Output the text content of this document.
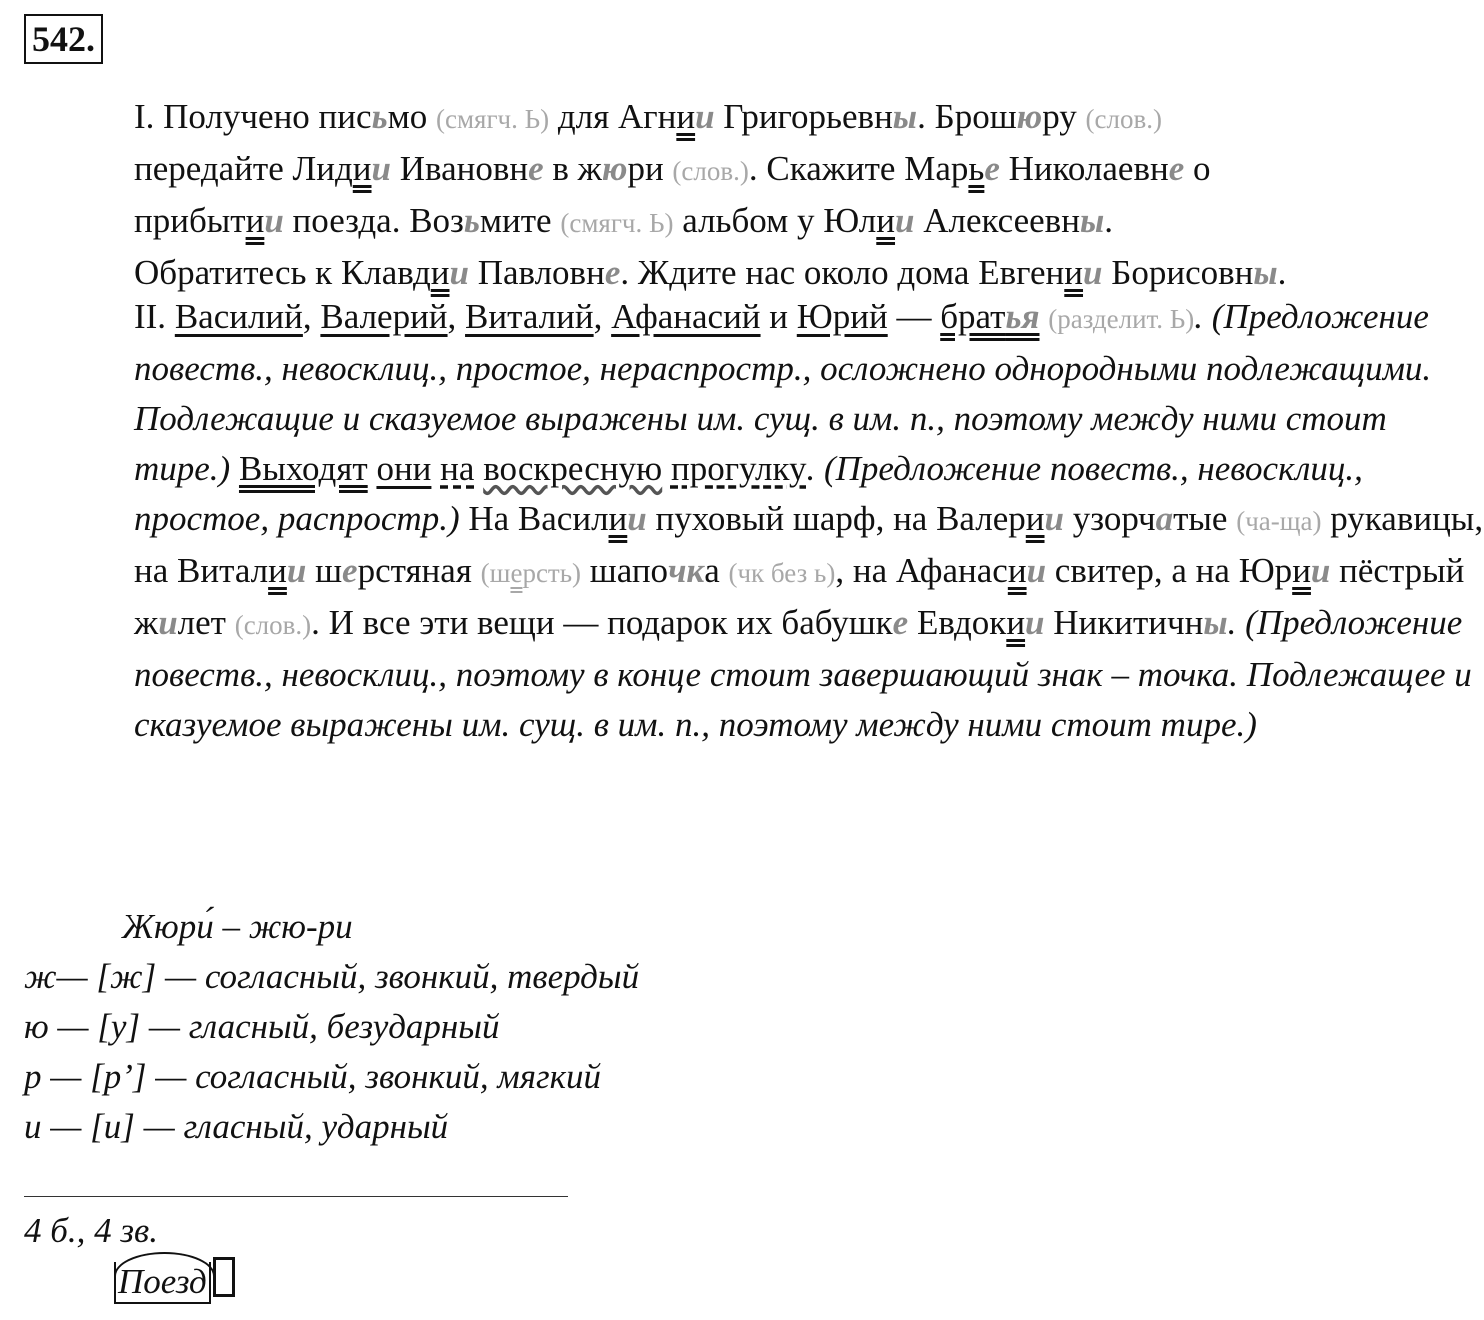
542.

I. Получено письмо (смягч. Ь) для Агнии Григорьевны. Брошюру (слов.)
передайте Лидии Ивановне в жюри (слов.). Скажите Марье Николаевне о
прибытии поезда. Возьмите (смягч. Ь) альбом у Юлии Алексеевны.
Обратитесь к Клавдии Павловне. Ждите нас около дома Евгении Борисовны.

II. Василий, Валерий, Виталий, Афанасий и Юрий — братья (разделит. Ь). (Предложение повеств., невосклиц., простое, нераспростр., осложнено однородными подлежащими. Подлежащие и сказуемое выражены им. сущ. в им. п., поэтому между ними стоит тире.) Выходят они на воскресную прогулку. (Предложение повеств., невосклиц., простое, распростр.) На Василии пуховый шарф, на Валерии узорчатые (ча-ща) рукавицы, на Виталии шерстяная (шерсть) шапочка (чк без ь), на Афанасии свитер, а на Юрии пёстрый жилет (слов.). И все эти вещи — подарок их бабушке Евдокии Никитичны. (Предложение повеств., невосклиц., поэтому в конце стоит завершающий знак – точка. Подлежащее и сказуемое выражены им. сущ. в им. п., поэтому между ними стоит тире.)

Жюри́ – жю-ри

ж— [ж] — согласный, звонкий, твердый

ю — [у] — гласный, безударный

р — [р’] — согласный, звонкий, мягкий

и — [и] — гласный, ударный

4 б., 4 зв.
Поезд
